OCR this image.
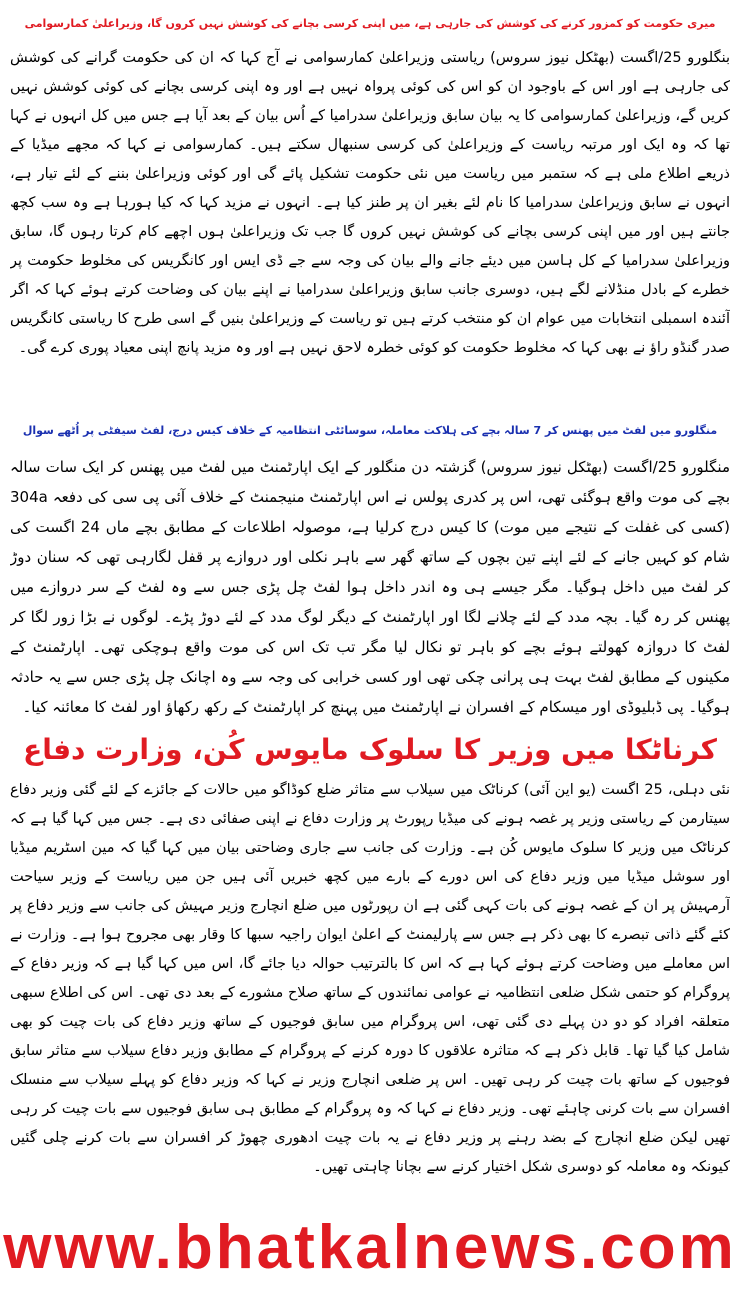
میری حکومت کو کمزور کرنے کی کوشش کی جارہی ہے، میں اپنی کرسی بچانے کی کوشش نہیں کروں گا، وزیراعلیٰ کمارسوامی

بنگلورو 25/اگست (بھٹکل نیوز سروس) ریاستی وزیراعلیٰ کمارسوامی نے آج کہا کہ ان کی حکومت گرانے کی کوشش کی جارہی ہے اور اس کے باوجود ان کو اس کی کوئی پرواہ نہیں ہے اور وہ اپنی کرسی بچانے کی کوئی کوشش نہیں کریں گے، وزیراعلیٰ کمارسوامی کا یہ بیان سابق وزیراعلیٰ سدرامیا کے اُس بیان کے بعد آیا ہے جس میں کل انہوں نے کہا تھا کہ وہ ایک اور مرتبہ ریاست کے وزیراعلیٰ کی کرسی سنبھال سکتے ہیں۔ کمارسوامی نے کہا کہ مجھے میڈیا کے ذریعے اطلاع ملی ہے کہ ستمبر میں ریاست میں نئی حکومت تشکیل پائے گی اور کوئی وزیراعلیٰ بننے کے لئے تیار ہے، انہوں نے سابق وزیراعلیٰ سدرامیا کا نام لئے بغیر ان پر طنز کیا ہے۔ انہوں نے مزید کہا کہ کیا ہورہا ہے وہ سب کچھ جانتے ہیں اور میں اپنی کرسی بچانے کی کوشش نہیں کروں گا جب تک وزیراعلیٰ ہوں اچھے کام کرتا رہوں گا، سابق وزیراعلیٰ سدرامیا کے کل ہاسن میں دیئے جانے والے بیان کی وجہ سے جے ڈی ایس اور کانگریس کی مخلوط حکومت پر خطرے کے بادل منڈلانے لگے ہیں، دوسری جانب سابق وزیراعلیٰ سدرامیا نے اپنے بیان کی وضاحت کرتے ہوئے کہا کہ اگر آئندہ اسمبلی انتخابات میں عوام ان کو منتخب کرتے ہیں تو ریاست کے وزیراعلیٰ بنیں گے اسی طرح کا ریاستی کانگریس صدر گنڈو راؤ نے بھی کہا کہ مخلوط حکومت کو کوئی خطرہ لاحق نہیں ہے اور وہ مزید پانچ اپنی معیاد پوری کرے گی۔

منگلورو میں لفٹ میں پھنس کر 7 سالہ بچے کی ہلاکت معاملہ، سوسائٹی انتظامیہ کے خلاف کیس درج، لفٹ سیفٹی پر اُٹھے سوال

منگلورو 25/اگست (بھٹکل نیوز سروس) گزشتہ دن منگلور کے ایک اپارٹمنٹ میں لفٹ میں پھنس کر ایک سات سالہ بچے کی موت واقع ہوگئی تھی، اس پر کدری پولس نے اس اپارٹمنٹ منیجمنٹ کے خلاف آئی پی سی کی دفعہ 304a (کسی کی غفلت کے نتیجے میں موت) کا کیس درج کرلیا ہے، موصولہ اطلاعات کے مطابق بچے ماں 24 اگست کی شام کو کہیں جانے کے لئے اپنے تین بچوں کے ساتھ گھر سے باہر نکلی اور دروازے پر قفل لگارہی تھی کہ سنان دوڑ کر لفٹ میں داخل ہوگیا۔ مگر جیسے ہی وہ اندر داخل ہوا لفٹ چل پڑی جس سے وہ لفٹ کے سر دروازے میں پھنس کر رہ گیا۔ بچہ مدد کے لئے چلانے لگا اور اپارٹمنٹ کے دیگر لوگ مدد کے لئے دوڑ پڑے۔ لوگوں نے بڑا زور لگا کر لفٹ کا دروازہ کھولتے ہوئے بچے کو باہر تو نکال لیا مگر تب تک اس کی موت واقع ہوچکی تھی۔ اپارٹمنٹ کے مکینوں کے مطابق لفٹ بہت ہی پرانی چکی تھی اور کسی خرابی کی وجہ سے وہ اچانک چل پڑی جس سے یہ حادثہ ہوگیا۔ پی ڈبلیوڈی اور میسکام کے افسران نے اپارٹمنٹ میں پہنچ کر اپارٹمنٹ کے رکھ رکھاؤ اور لفٹ کا معائنہ کیا۔

کرناٹکا میں وزیر کا سلوک مایوس کُن، وزارت دفاع

نئی دہلی، 25 اگست (یو این آئی) کرناٹک میں سیلاب سے متاثر ضلع کوڈاگو میں حالات کے جائزے کے لئے گئی وزیر دفاع سیتارمن کے ریاستی وزیر پر غصہ ہونے کی میڈیا رپورٹ پر وزارت دفاع نے اپنی صفائی دی ہے۔ جس میں کہا گیا ہے کہ کرناٹک میں وزیر کا سلوک مایوس کُن ہے۔ وزارت کی جانب سے جاری وضاحتی بیان میں کہا گیا کہ مین اسٹریم میڈیا اور سوشل میڈیا میں وزیر دفاع کی اس دورے کے بارے میں کچھ خبریں آئی ہیں جن میں ریاست کے وزیر سیاحت آرمہیش پر ان کے غصہ ہونے کی بات کہی گئی ہے ان رپورٹوں میں ضلع انچارج وزیر مہیش کی جانب سے وزیر دفاع پر کئے گئے ذاتی تبصرے کا بھی ذکر ہے جس سے پارلیمنٹ کے اعلیٰ ایوان راجیہ سبھا کا وقار بھی مجروح ہوا ہے۔ وزارت نے اس معاملے میں وضاحت کرتے ہوئے کہا ہے کہ اس کا بالترتیب حوالہ دیا جائے گا، اس میں کہا گیا ہے کہ وزیر دفاع کے پروگرام کو حتمی شکل ضلعی انتظامیہ نے عوامی نمائندوں کے ساتھ صلاح مشورے کے بعد دی تھی۔ اس کی اطلاع سبھی متعلقہ افراد کو دو دن پہلے دی گئی تھی، اس پروگرام میں سابق فوجیوں کے ساتھ وزیر دفاع کی بات چیت کو بھی شامل کیا گیا تھا۔ قابل ذکر ہے کہ متاثرہ علاقوں کا دورہ کرنے کے پروگرام کے مطابق وزیر دفاع سیلاب سے متاثر سابق فوجیوں کے ساتھ بات چیت کر رہی تھیں۔ اس پر ضلعی انچارج وزیر نے کہا کہ وزیر دفاع کو پہلے سیلاب سے منسلک افسران سے بات کرنی چاہئے تھی۔ وزیر دفاع نے کہا کہ وہ پروگرام کے مطابق ہی سابق فوجیوں سے بات چیت کر رہی تھیں لیکن ضلع انچارج کے بضد رہنے پر وزیر دفاع نے یہ بات چیت ادھوری چھوڑ کر افسران سے بات کرنے چلی گئیں کیونکہ وہ معاملہ کو دوسری شکل اختیار کرنے سے بچانا چاہتی تھیں۔

www.bhatkalnews.com
